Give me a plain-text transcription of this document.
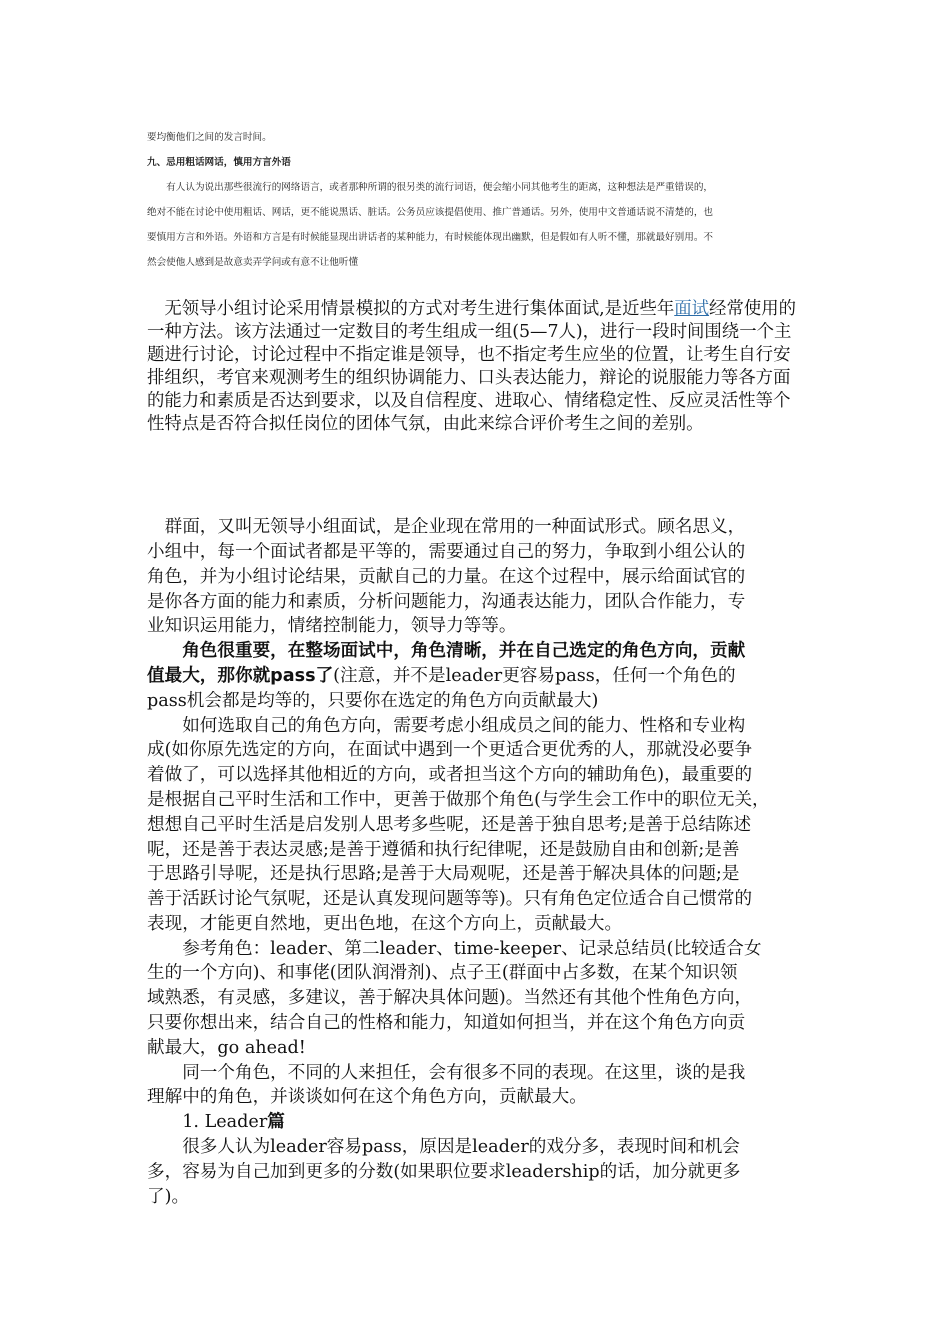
要均衡他们之间的发言时间。
九、忌用粗话网话，慎用方言外语
　　有人认为说出那些很流行的网络语言，或者那种所谓的很另类的流行词语，便会缩小同其他考生的距离，这种想法是严重错误的，
绝对不能在讨论中使用粗话、网话，更不能说黑话、脏话。公务员应该提倡使用、推广普通话。另外，使用中文普通话说不清楚的，也
要慎用方言和外语。外语和方言是有时候能显现出讲话者的某种能力，有时候能体现出幽默，但是假如有人听不懂，那就最好别用。不
然会使他人感到是故意卖弄学问或有意不让他听懂
　无领导小组讨论采用情景模拟的方式对考生进行集体面试,是近些年面试经常使用的
一种方法。该方法通过一定数目的考生组成一组(5—7人)，进行一段时间围绕一个主
题进行讨论，讨论过程中不指定谁是领导，也不指定考生应坐的位置，让考生自行安
排组织，考官来观测考生的组织协调能力、口头表达能力，辩论的说服能力等各方面
的能力和素质是否达到要求，以及自信程度、进取心、情绪稳定性、反应灵活性等个
性特点是否符合拟任岗位的团体气氛，由此来综合评价考生之间的差别。
　群面，又叫无领导小组面试，是企业现在常用的一种面试形式。顾名思义，
小组中，每一个面试者都是平等的，需要通过自己的努力，争取到小组公认的
角色，并为小组讨论结果，贡献自己的力量。在这个过程中，展示给面试官的
是你各方面的能力和素质，分析问题能力，沟通表达能力，团队合作能力，专
业知识运用能力，情绪控制能力，领导力等等。
　　角色很重要，在整场面试中，角色清晰，并在自己选定的角色方向，贡献
值最大，那你就pass了(注意，并不是leader更容易pass，任何一个角色的
pass机会都是均等的，只要你在选定的角色方向贡献最大)
　　如何选取自己的角色方向，需要考虑小组成员之间的能力、性格和专业构
成(如你原先选定的方向，在面试中遇到一个更适合更优秀的人，那就没必要争
着做了，可以选择其他相近的方向，或者担当这个方向的辅助角色)，最重要的
是根据自己平时生活和工作中，更善于做那个角色(与学生会工作中的职位无关，
想想自己平时生活是启发别人思考多些呢，还是善于独自思考;是善于总结陈述
呢，还是善于表达灵感;是善于遵循和执行纪律呢，还是鼓励自由和创新;是善
于思路引导呢，还是执行思路;是善于大局观呢，还是善于解决具体的问题;是
善于活跃讨论气氛呢，还是认真发现问题等等)。只有角色定位适合自己惯常的
表现，才能更自然地，更出色地，在这个方向上，贡献最大。
　　参考角色：leader、第二leader、time-keeper、记录总结员(比较适合女
生的一个方向)、和事佬(团队润滑剂)、点子王(群面中占多数，在某个知识领
域熟悉，有灵感，多建议，善于解决具体问题)。当然还有其他个性角色方向，
只要你想出来，结合自己的性格和能力，知道如何担当，并在这个角色方向贡
献最大，go ahead!
　　同一个角色，不同的人来担任，会有很多不同的表现。在这里，谈的是我
理解中的角色，并谈谈如何在这个角色方向，贡献最大。
　　1. Leader篇
　　很多人认为leader容易pass，原因是leader的戏分多，表现时间和机会
多，容易为自己加到更多的分数(如果职位要求leadership的话，加分就更多
了)。
